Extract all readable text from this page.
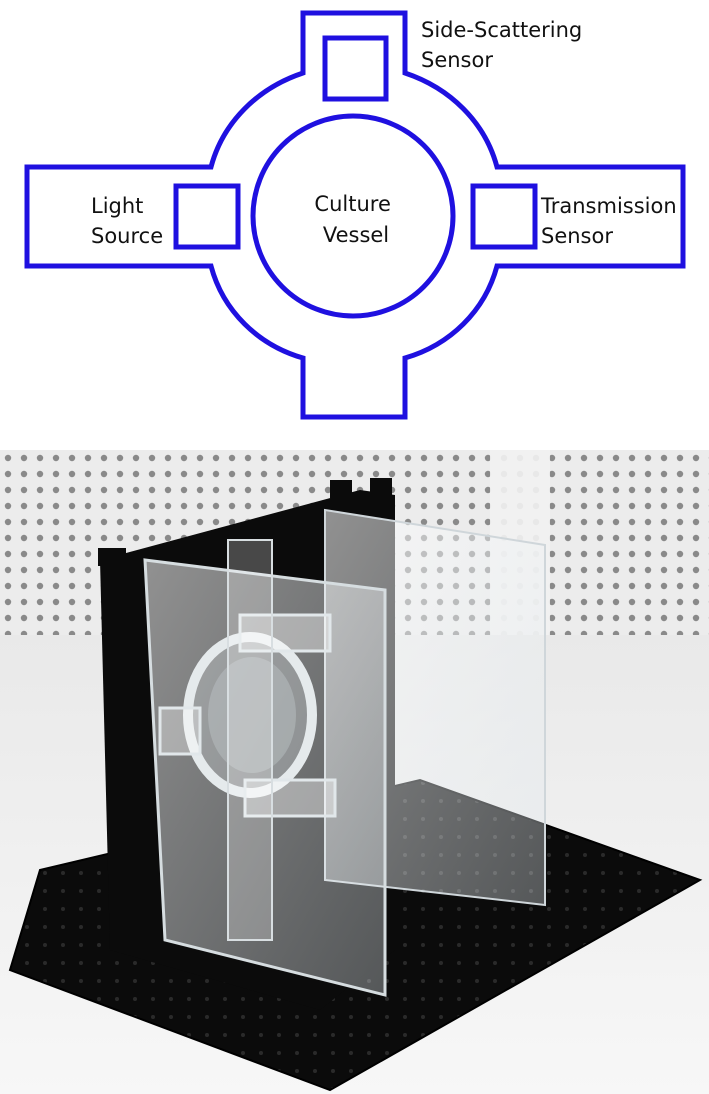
Side-Scattering Sensor
Light Source
Culture Vessel
Transmission Sensor
